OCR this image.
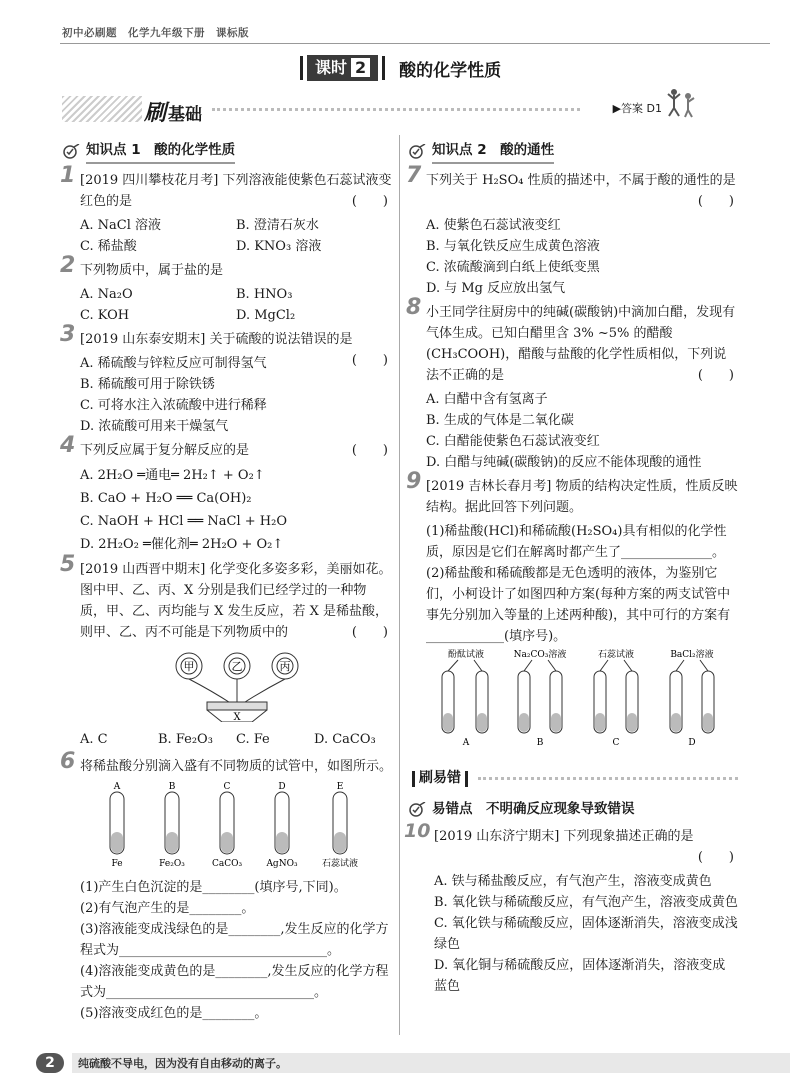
初中必刷题　化学九年级下册　课标版
课时 2	酸的化学性质
刷 基础	▶答案 D1
知识点 1　酸的化学性质
1 [2019 四川攀枝花月考] 下列溶液能使紫色石蕊试液变红色的是	(　　)
A. NaCl 溶液	B. 澄清石灰水
C. 稀盐酸	D. KNO₃ 溶液
2 下列物质中，属于盐的是
A. Na₂O	B. HNO₃
C. KOH	D. MgCl₂
3 [2019 山东泰安期末] 关于硫酸的说法错误的是
(　　)
A. 稀硫酸与锌粒反应可制得氢气
B. 稀硫酸可用于除铁锈
C. 可将水注入浓硫酸中进行稀释
D. 浓硫酸可用来干燥氢气
4 下列反应属于复分解反应的是	(　　)
A. 2H₂O ═通电═ 2H₂↑ + O₂↑
B. CaO + H₂O ══ Ca(OH)₂
C. NaOH + HCl ══ NaCl + H₂O
D. 2H₂O₂ ═催化剂═ 2H₂O + O₂↑
5 [2019 山西晋中期末] 化学变化多姿多彩，美丽如花。图中甲、乙、丙、X 分别是我们已经学过的一种物质，甲、乙、丙均能与 X 发生反应，若 X 是稀盐酸，则甲、乙、丙不可能是下列物质中的	(　　)
甲	乙	丙
X
A. C	B. Fe₂O₃	C. Fe	D. CaCO₃
6 将稀盐酸分别滴入盛有不同物质的试管中，如图所示。
A
Fe
B
Fe₂O₃
C
CaCO₃
D
AgNO₃
E
石蕊试液
(1)产生白色沉淀的是________(填序号,下同)。
(2)有气泡产生的是________。
(3)溶液能变成浅绿色的是________,发生反应的化学方程式为________________________________。
(4)溶液能变成黄色的是________,发生反应的化学方程式为________________________________。
(5)溶液变成红色的是________。
知识点 2　酸的通性
7 下列关于 H₂SO₄ 性质的描述中，不属于酸的通性的是
(　　)
A. 使紫色石蕊试液变红
B. 与氧化铁反应生成黄色溶液
C. 浓硫酸滴到白纸上使纸变黑
D. 与 Mg 反应放出氢气
8 小王同学往厨房中的纯碱(碳酸钠)中滴加白醋，发现有气体生成。已知白醋里含 3% ~5% 的醋酸(CH₃COOH)，醋酸与盐酸的化学性质相似，下列说法不正确的是	(　　)
A. 白醋中含有氢离子
B. 生成的气体是二氧化碳
C. 白醋能使紫色石蕊试液变红
D. 白醋与纯碱(碳酸钠)的反应不能体现酸的通性
9 [2019 吉林长春月考] 物质的结构决定性质，性质反映结构。据此回答下列问题。
(1)稀盐酸(HCl)和稀硫酸(H₂SO₄)具有相似的化学性质，原因是它们在解离时都产生了______________。
(2)稀盐酸和稀硫酸都是无色透明的液体，为鉴别它们，小柯设计了如图四种方案(每种方案的两支试管中事先分别加入等量的上述两种酸)，其中可行的方案有____________(填序号)。
酚酞试液
A
Na₂CO₃溶液
B
石蕊试液
C
BaCl₂溶液
D
刷易错
易错点　不明确反应现象导致错误
10 [2019 山东济宁期末] 下列现象描述正确的是
(　　)
A. 铁与稀盐酸反应，有气泡产生，溶液变成黄色
B. 氧化铁与稀硫酸反应，有气泡产生，溶液变成黄色
C. 氧化铁与稀硫酸反应，固体逐渐消失，溶液变成浅绿色
D. 氧化铜与稀硫酸反应，固体逐渐消失，溶液变成蓝色
2	纯硫酸不导电，因为没有自由移动的离子。
